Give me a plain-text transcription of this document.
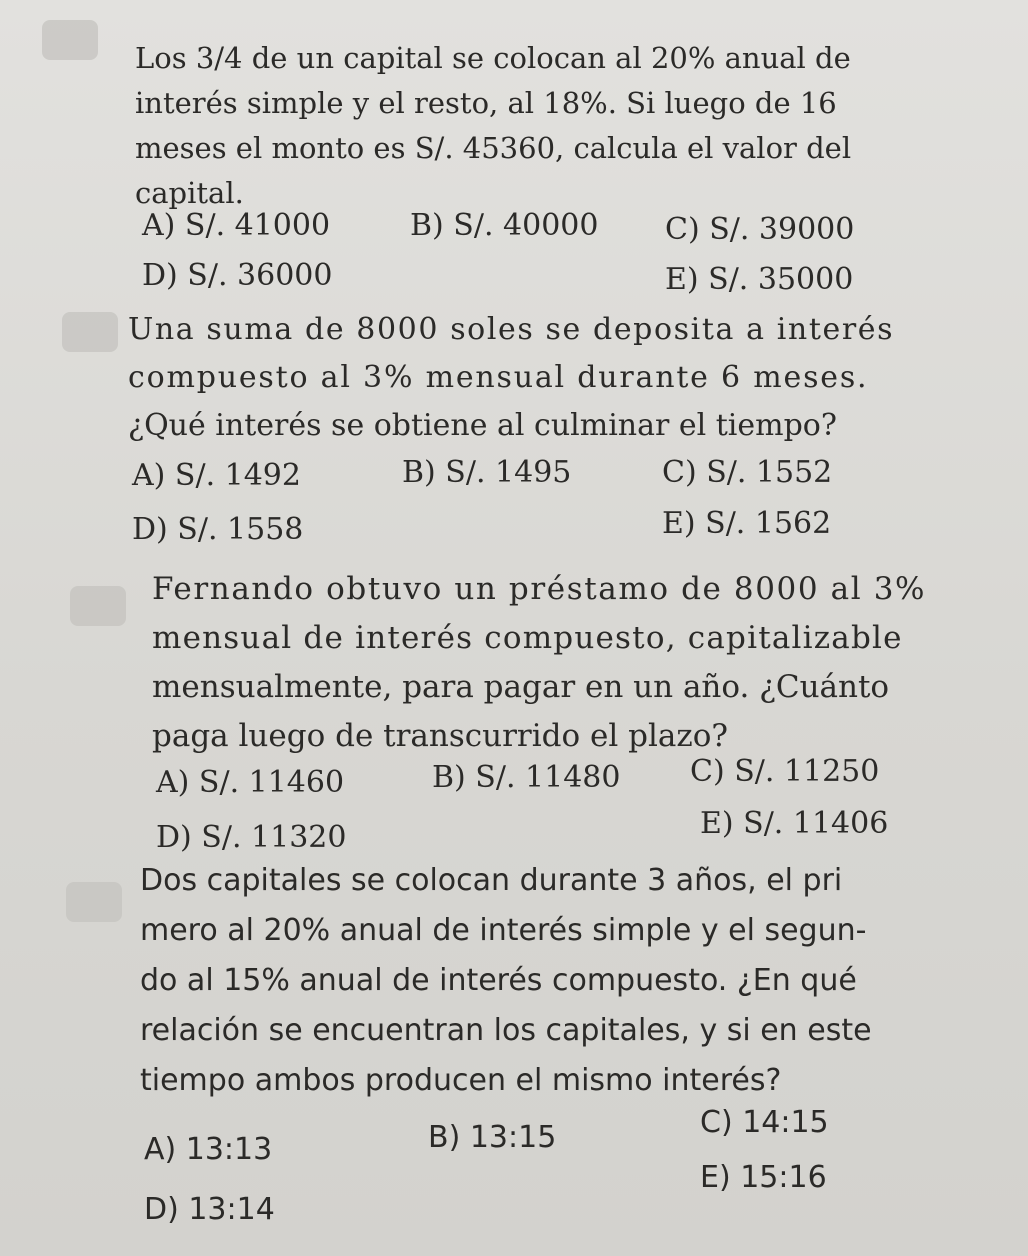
Los 3/4 de un capital se colocan al 20% anual de
interés simple y el resto, al 18%. Si luego de 16
meses el monto es S/. 45360, calcula el valor del
capital.
A) S/. 41000	B) S/. 40000 C) S/. 39000
D) S/. 36000	E) S/. 35000
Una suma de 8000 soles se deposita a interés
compuesto al 3% mensual durante 6 meses.
¿Qué interés se obtiene al culminar el tiempo?
A) S/. 1492	B) S/. 1495	C) S/. 1552
D) S/. 1558	E) S/. 1562
Fernando obtuvo un préstamo de 8000 al 3%
mensual de interés compuesto, capitalizable
mensualmente, para pagar en un año. ¿Cuánto
paga luego de transcurrido el plazo?
A) S/. 11460	B) S/. 11480 C) S/. 11250
D) S/. 11320	E) S/. 11406
Dos capitales se colocan durante 3 años, el pri
mero al 20% anual de interés simple y el segun-
do al 15% anual de interés compuesto. ¿En qué
relación se encuentran los capitales, y si en este
tiempo ambos producen el mismo interés?
A) 13:13	B) 13:15	C) 14:15
D) 13:14
E) 15:16
